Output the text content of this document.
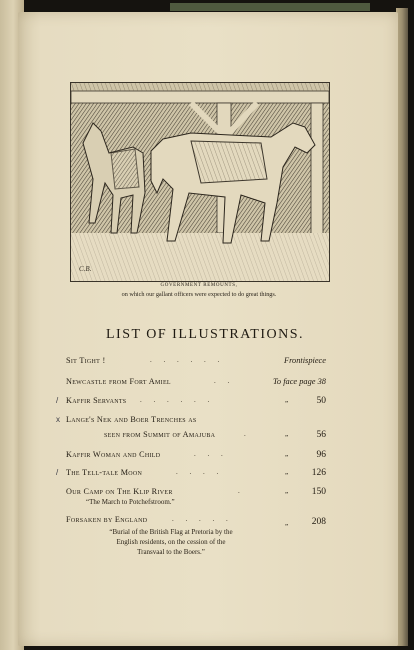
C.B.
GOVERNMENT REMOUNTS,
on which our gallant officers were expected to do great things.
LIST OF ILLUSTRATIONS.
Sit Tight !	. . . . . .	Frontispiece
Newcastle from Fort Amiel	. .	To face page 38
/ Kaffir Servants . . . . . .	„	50
x Lange's Nek and Boer Trenches as
seen from Summit of Amajuba	.	„	56
Kaffir Woman and Child	. . .	„	96
/ The Tell-tale Moon	. . . .	„ 126
Our Camp on The Klip River	.	„ 150
“The March to Potchefstroom.”
Forsaken by England	. . . . .	„ 208
“Burial of the British Flag at Pretoria by the
English residents, on the cession of the
Transvaal to the Boers.”
